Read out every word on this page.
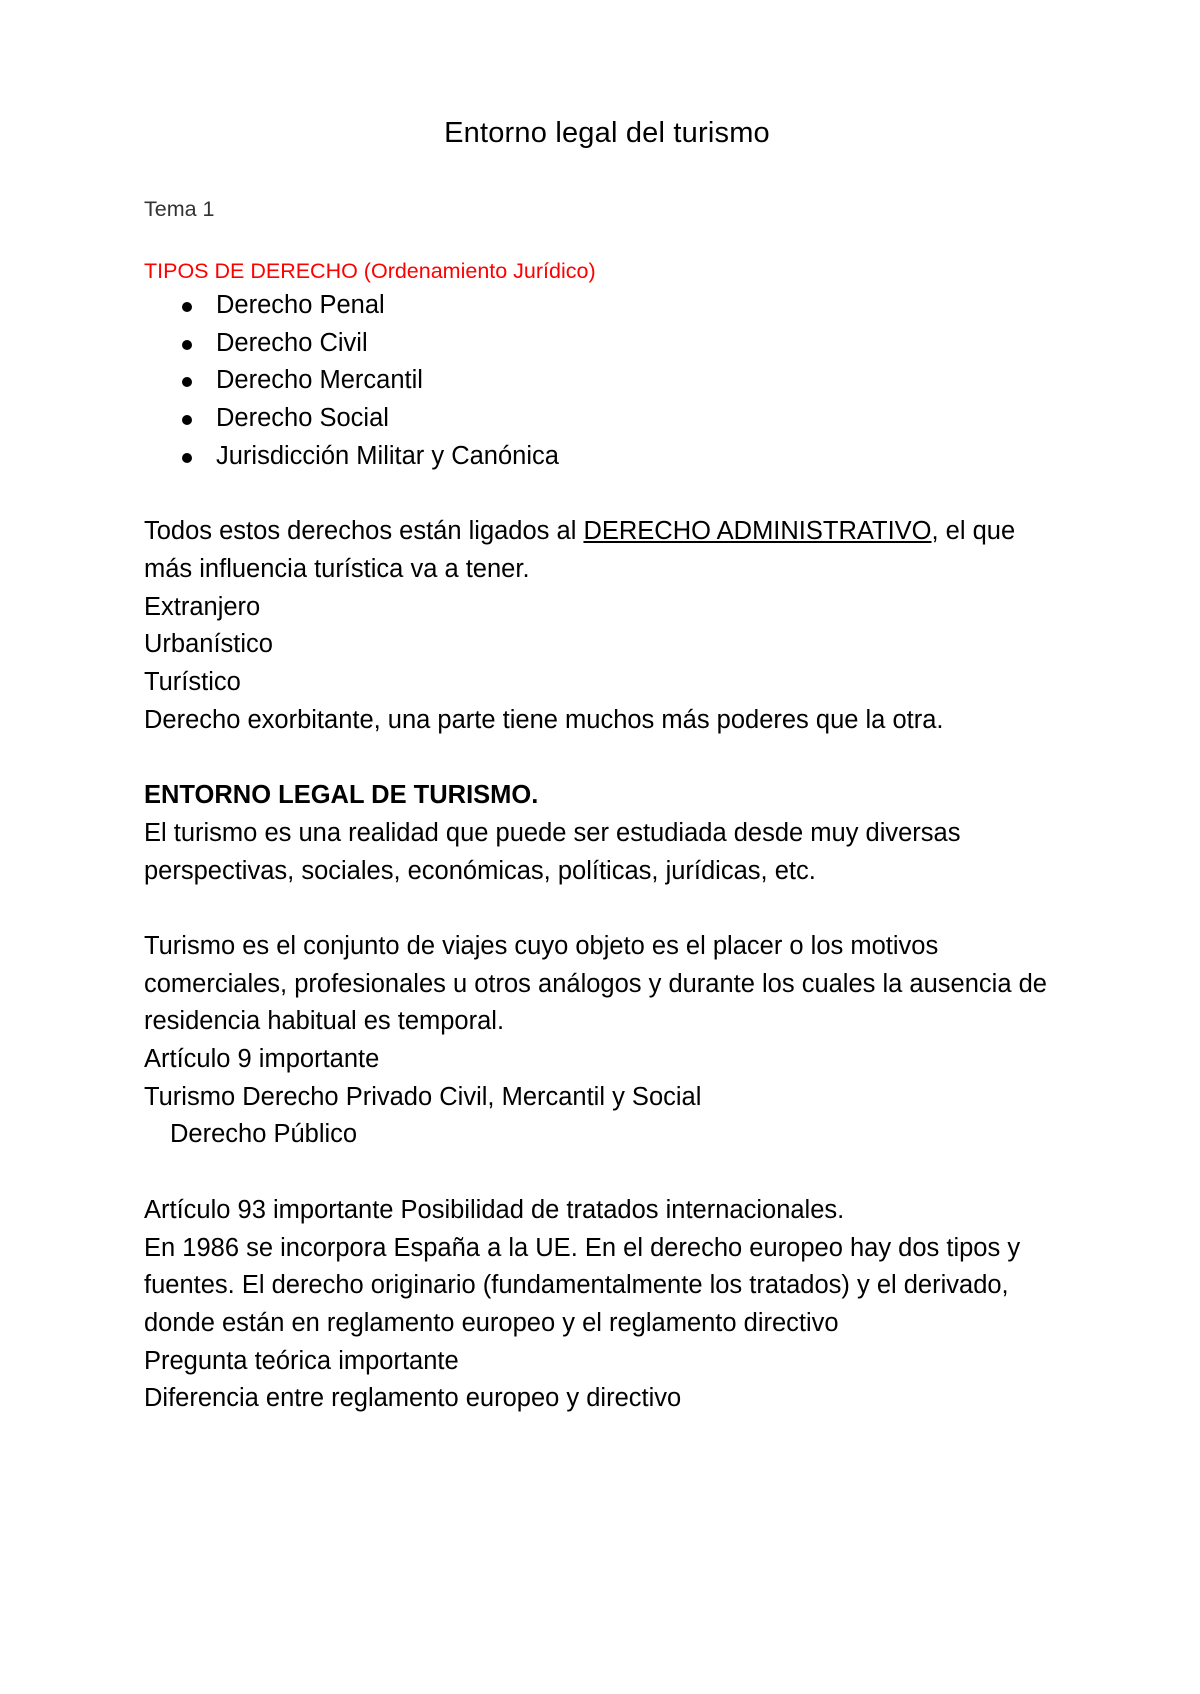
Entorno legal del turismo

Tema 1

TIPOS DE DERECHO (Ordenamiento Jurídico)

Derecho Penal
Derecho Civil
Derecho Mercantil
Derecho Social
Jurisdicción Militar y Canónica

Todos estos derechos están ligados al DERECHO ADMINISTRATIVO, el que más influencia turística va a tener.

Extranjero

Urbanístico

Turístico

Derecho exorbitante, una parte tiene muchos más poderes que la otra.

ENTORNO LEGAL DE TURISMO.

El turismo es una realidad que puede ser estudiada desde muy diversas perspectivas, sociales, económicas, políticas, jurídicas, etc.

Turismo es el conjunto de viajes cuyo objeto es el placer o los motivos comerciales, profesionales u otros análogos y durante los cuales la ausencia de residencia habitual es temporal.

Artículo 9 importante

Turismo Derecho Privado Civil, Mercantil y Social

Derecho Público

Artículo 93 importante Posibilidad de tratados internacionales.

En 1986 se incorpora España a la UE. En el derecho europeo hay dos tipos y fuentes. El derecho originario (fundamentalmente los tratados) y el derivado, donde están en reglamento europeo y el reglamento directivo

Pregunta teórica importante

Diferencia entre reglamento europeo y directivo
